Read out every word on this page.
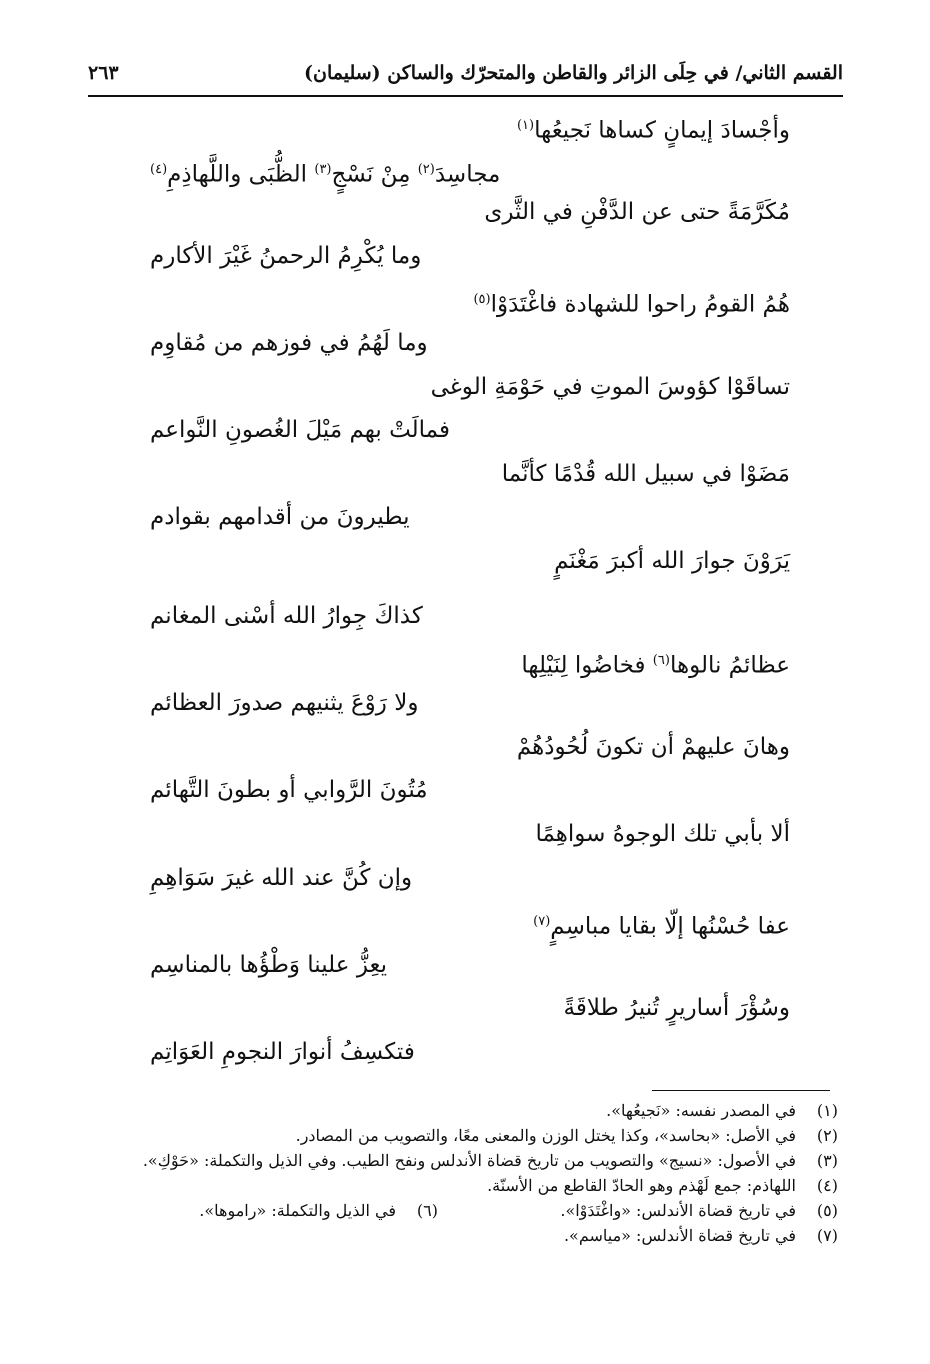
القسم الثاني/ في حِلَى الزائر والقاطن والمتحرّك والساكن (سليمان)
٢٦٣
وأجْسادَ إيمانٍ كساها نَجيعُها$^{(١)}$
مجاسِدَ$^{(٢)}$ مِنْ نَسْجٍ$^{(٣)}$ الظُّبَى واللَّهاذِمِ$^{(٤)}$
مُكَرَّمَةً حتى عن الدَّفْنِ في الثَّرى
وما يُكْرِمُ الرحمنُ غَيْرَ الأكارم
هُمُ القومُ راحوا للشهادة فاغْتَدَوْا$^{(٥)}$
وما لَهُمُ في فوزهم من مُقاوِم
تساقَوْا كؤوسَ الموتِ في حَوْمَةِ الوغى
فمالَتْ بهم مَيْلَ الغُصونِ النَّواعم
مَضَوْا في سبيل الله قُدْمًا كأنَّما
يطيرونَ من أقدامهم بقوادم
يَرَوْنَ جوارَ الله أكبرَ مَغْنَمٍ
كذاكَ جِوارُ الله أسْنى المغانم
عظائمُ نالوها$^{(٦)}$ فخاضُوا لِنَيْلِها
ولا رَوْعَ يثنيهم صدورَ العظائم
وهانَ عليهمْ أن تكونَ لُحُودُهُمْ
مُتُونَ الرَّوابي أو بطونَ التَّهائم
ألا بأبي تلك الوجوهُ سواهِمًا
وإن كُنَّ عند الله غيرَ سَوَاهِمِ
عفا حُسْنُها إلّا بقايا مباسِمٍ$^{(٧)}$
يعِزُّ علينا وَطْؤُها بالمناسِم
وسُؤْرَ أساريرٍ تُنيرُ طلاقَةً
فتكسِفُ أنوارَ النجومِ العَوَاتِم
(١)
في المصدر نفسه: «نَجيعُها».
(٢)
في الأصل: «بحاسد»، وكذا يختل الوزن والمعنى معًا، والتصويب من المصادر.
(٣)
في الأصول: «نسيج» والتصويب من تاريخ قضاة الأندلس ونفح الطيب. وفي الذيل والتكملة: «حَوْكِ».
(٤)
اللهاذم: جمع لَهْذم وهو الحادّ القاطع من الأسنّة.
(٥)
في تاريخ قضاة الأندلس: «واغْتَدَوْا».
(٦)
في الذيل والتكملة: «راموها».
(٧)
في تاريخ قضاة الأندلس: «مياسم».
